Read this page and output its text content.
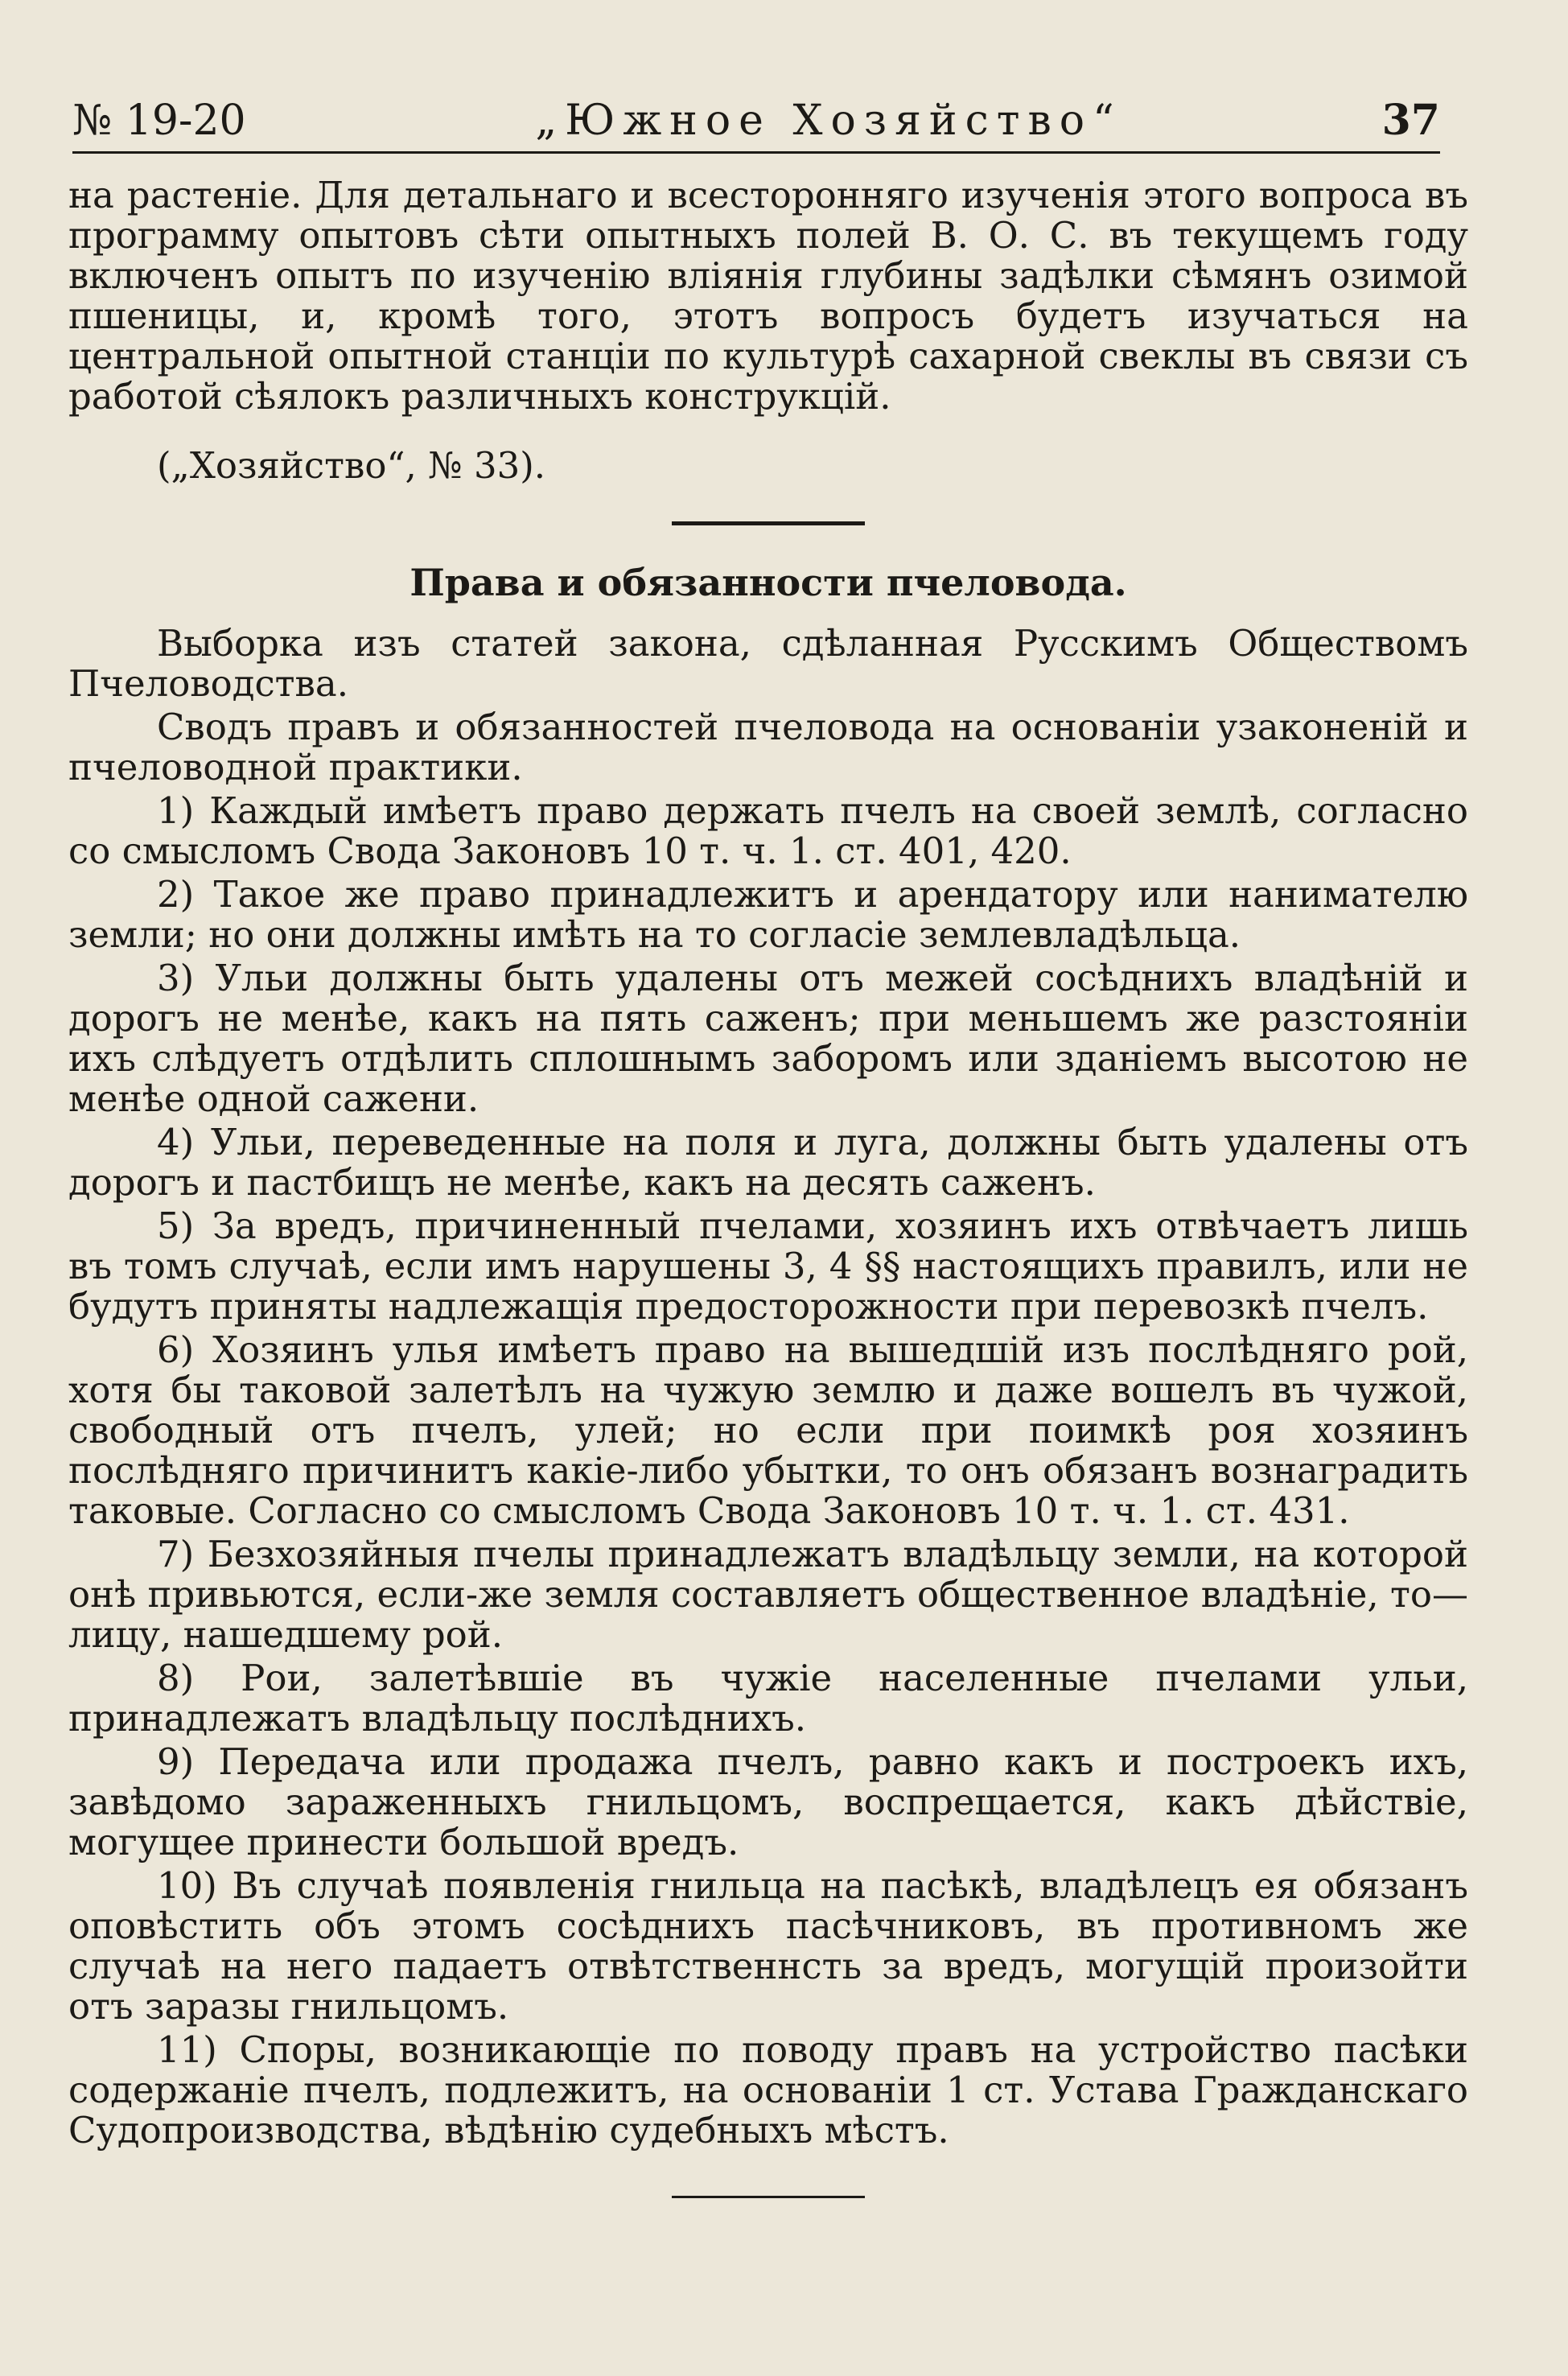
№ 19-20	„Южное Хозяйство“	37

на растеніе. Для детальнаго и всесторонняго изученія этого вопроса въ программу опытовъ сѣти опытныхъ полей В. О. С. въ текущемъ году включенъ опытъ по изученію вліянія глубины задѣлки сѣмянъ озимой пшеницы, и, кромѣ того, этотъ вопросъ будетъ изучаться на центральной опытной станціи по культурѣ сахарной свеклы въ связи съ работой сѣялокъ различныхъ конструкцій.

(„Хозяйство“, № 33).

Права и обязанности пчеловода.

Выборка изъ статей закона, сдѣланная Русскимъ Обществомъ Пчеловодства.

Сводъ правъ и обязанностей пчеловода на основаніи узаконеній и пчеловодной практики.

1) Каждый имѣетъ право держать пчелъ на своей землѣ, согласно со смысломъ Свода Законовъ 10 т. ч. 1. ст. 401, 420.

2) Такое же право принадлежитъ и арендатору или нанимателю земли; но они должны имѣть на то согласіе землевладѣльца.

3) Ульи должны быть удалены отъ межей сосѣднихъ владѣній и дорогъ не менѣе, какъ на пять саженъ; при меньшемъ же разстояніи ихъ слѣдуетъ отдѣлить сплошнымъ заборомъ или зданіемъ высотою не менѣе одной сажени.

4) Ульи, переведенные на поля и луга, должны быть удалены отъ дорогъ и пастбищъ не менѣе, какъ на десять саженъ.

5) За вредъ, причиненный пчелами, хозяинъ ихъ отвѣчаетъ лишь въ томъ случаѣ, если имъ нарушены 3, 4 §§ настоящихъ правилъ, или не будутъ приняты надлежащія предосторожности при перевозкѣ пчелъ.

6) Хозяинъ улья имѣетъ право на вышедшій изъ послѣдняго рой, хотя бы таковой залетѣлъ на чужую землю и даже вошелъ въ чужой, свободный отъ пчелъ, улей; но если при поимкѣ роя хозяинъ послѣдняго причинитъ какіе-либо убытки, то онъ обязанъ вознаградить таковые. Согласно со смысломъ Свода Законовъ 10 т. ч. 1. ст. 431.

7) Безхозяйныя пчелы принадлежатъ владѣльцу земли, на которой онѣ привьются, если-же земля составляетъ общественное владѣніе, то—лицу, нашедшему рой.

8) Рои, залетѣвшіе въ чужіе населенные пчелами ульи, принадлежатъ владѣльцу послѣднихъ.

9) Передача или продажа пчелъ, равно какъ и построекъ ихъ, завѣдомо зараженныхъ гнильцомъ, воспрещается, какъ дѣйствіе, могущее принести большой вредъ.

10) Въ случаѣ появленія гнильца на пасѣкѣ, владѣлецъ ея обязанъ оповѣстить объ этомъ сосѣднихъ пасѣчниковъ, въ противномъ же случаѣ на него падаетъ отвѣтственнсть за вредъ, могущій произойти отъ заразы гнильцомъ.

11) Споры, возникающіе по поводу правъ на устройство пасѣки содержаніе пчелъ, подлежитъ, на основаніи 1 ст. Устава Гражданскаго Судопроизводства, вѣдѣнію судебныхъ мѣстъ.
